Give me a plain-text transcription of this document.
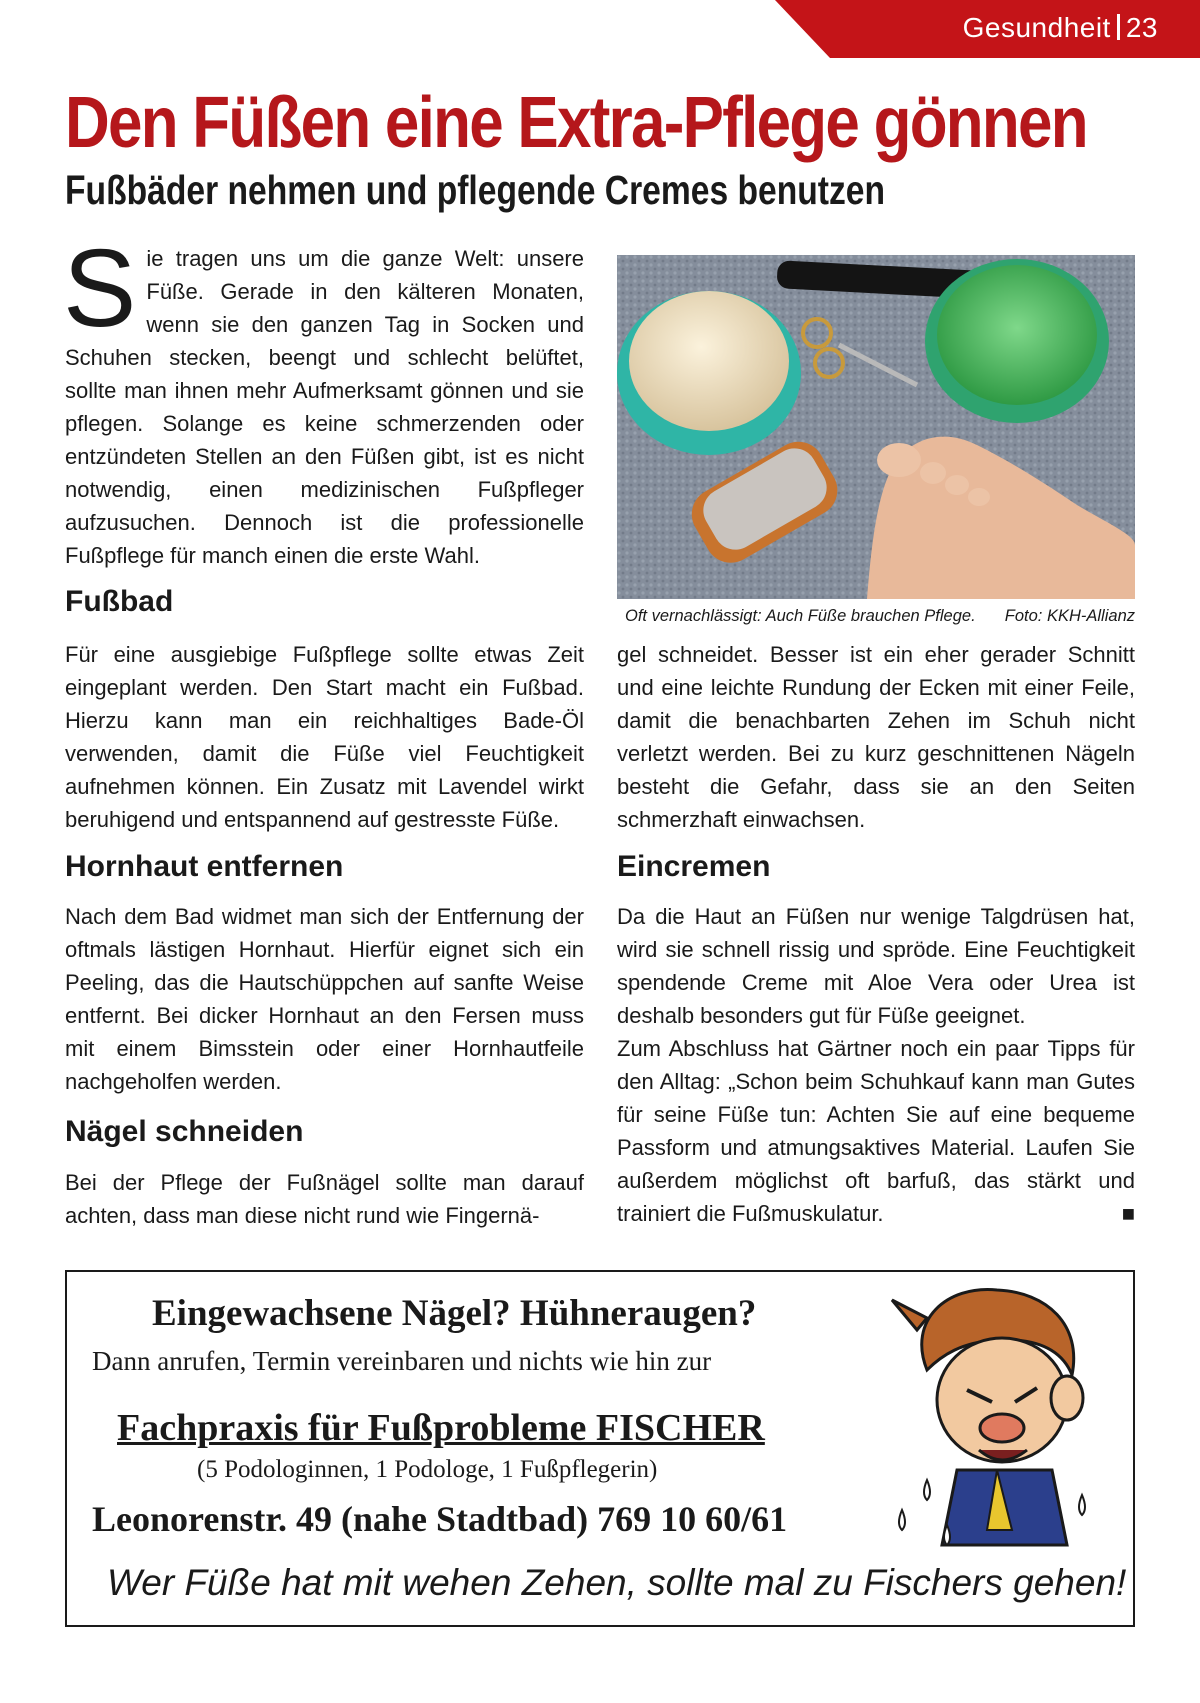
Gesundheit 23
Den Füßen eine Extra-Pflege gönnen
Fußbäder nehmen und pflegende Cremes benutzen
Sie tragen uns um die ganze Welt: unsere Füße. Gerade in den kälteren Monaten, wenn sie den ganzen Tag in Socken und Schuhen stecken, beengt und schlecht belüftet, sollte man ihnen mehr Aufmerksamt gönnen und sie pflegen. Solange es keine schmerzenden oder entzündeten Stellen an den Füßen gibt, ist es nicht notwendig, einen medizinischen Fußpfleger aufzusuchen. Dennoch ist die professionelle Fußpflege für manch einen die erste Wahl.
Oft vernachlässigt: Auch Füße brauchen Pflege. Foto: KKH-Allianz
Fußbad
Für eine ausgiebige Fußpflege sollte etwas Zeit eingeplant werden. Den Start macht ein Fußbad. Hierzu kann man ein reichhaltiges Bade-Öl verwenden, damit die Füße viel Feuchtigkeit aufnehmen können. Ein Zusatz mit Lavendel wirkt beruhigend und entspannend auf gestresste Füße.
gel schneidet. Besser ist ein eher gerader Schnitt und eine leichte Rundung der Ecken mit einer Feile, damit die benachbarten Zehen im Schuh nicht verletzt werden. Bei zu kurz geschnittenen Nägeln besteht die Gefahr, dass sie an den Seiten schmerzhaft einwachsen.
Hornhaut entfernen
Nach dem Bad widmet man sich der Entfernung der oftmals lästigen Hornhaut. Hierfür eignet sich ein Peeling, das die Hautschüppchen auf sanfte Weise entfernt. Bei dicker Hornhaut an den Fersen muss mit einem Bimsstein oder einer Hornhautfeile nachgeholfen werden.
Eincremen

Da die Haut an Füßen nur wenige Talgdrüsen hat, wird sie schnell rissig und spröde. Eine Feuchtigkeit spendende Creme mit Aloe Vera oder Urea ist deshalb besonders gut für Füße geeignet.

Zum Abschluss hat Gärtner noch ein paar Tipps für den Alltag: „Schon beim Schuhkauf kann man Gutes für seine Füße tun: Achten Sie auf eine bequeme Passform und atmungsaktives Material. Laufen Sie außerdem möglichst oft barfuß, das stärkt und trainiert die Fußmuskulatur.	■

Nägel schneiden
Bei der Pflege der Fußnägel sollte man darauf achten, dass man diese nicht rund wie Fingernä-
Eingewachsene Nägel? Hühneraugen?
Dann anrufen, Termin vereinbaren und nichts wie hin zur
Fachpraxis für Fußprobleme FISCHER
(5 Podologinnen, 1 Podologe, 1 Fußpflegerin)
Leonorenstr. 49 (nahe Stadtbad) 769 10 60/61
Wer Füße hat mit wehen Zehen, sollte mal zu Fischers gehen!
